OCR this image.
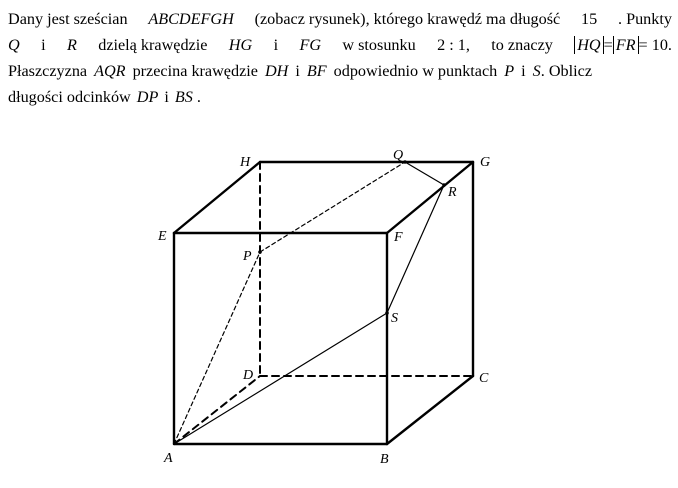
Dany jest sześcian ABCDEFGH (zobacz rysunek), którego krawędź ma długość 15 . Punkty
Q i R dzielą krawędzie HG i FG w stosunku 2 : 1, to znaczy HQ = FR = 10.
Płaszczyzna AQR przecina krawędzie DH i BF odpowiednio w punktach P i S. Oblicz
długości odcinków DP i BS .
H	Q	G
R
E	F
P
S
D	C
A	B
